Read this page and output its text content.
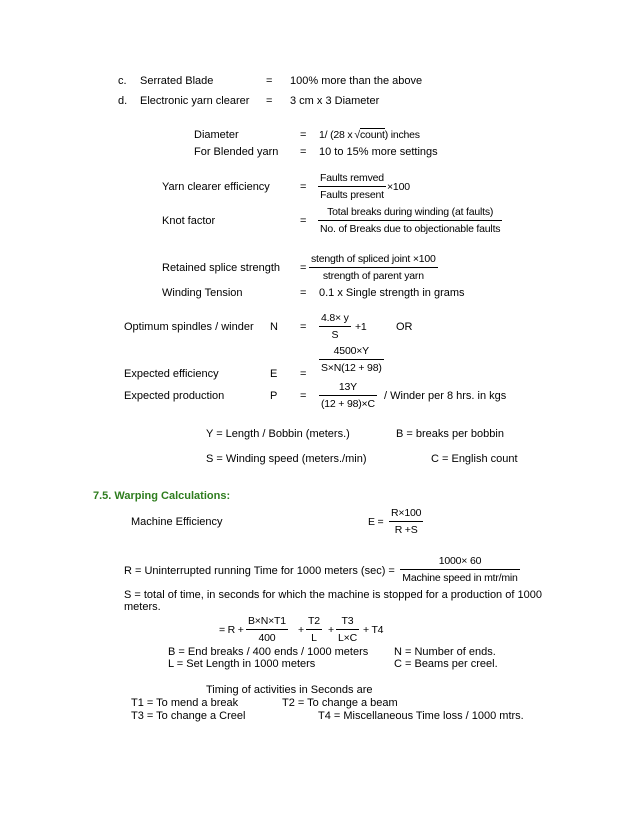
c. Serrated Blade	= 100% more than the above
d. Electronic yarn clearer = 3 cm x 3 Diameter
Diameter	= 1/ (28 x √count) inches
For Blended yarn = 10 to 15% more settings
Yarn clearer efficiency	=
Faults remved
Faults present
×100
Knot factor	=
Total breaks during winding (at faults)
No. of Breaks due to objectionable faults
Retained splice strength =
stength of spliced joint ×100
strength of parent yarn
Winding Tension	= 0.1 x Single strength in grams
Optimum spindles / winder $N = \frac{4.8\times y}{S} +1$	OR
$\frac{4500\times Y}{S\times N(12 + 98)}$
Expected efficiency	E =
Expected production	$P = \frac{13Y}{(12 + 98)\times C}$ / Winder per 8 hrs. in kgs
Y = Length / Bobbin (meters.)	B = breaks per bobbin
S = Winding speed (meters./min)	C = English count
7.5. Warping Calculations:
Machine Efficiency	$E = \frac{R\times 100}{R +S}$
R = Uninterrupted running Time for 1000 meters (sec) =
1000× 60
Machine speed in mtr/min
S = total of time, in seconds for which the machine is stopped for a production of 1000
meters.
= $R + \frac{B\times N\times T1}{400} + \frac{T2}{L} + \frac{T3}{L\times C} + T4$
B = End breaks / 400 ends / 1000 meters N = Number of ends.
L = Set Length in 1000 meters	C = Beams per creel.
Timing of activities in Seconds are
T1 = To mend a break	T2 = To change a beam
T3 = To change a Creel	T4 = Miscellaneous Time loss / 1000 mtrs.
